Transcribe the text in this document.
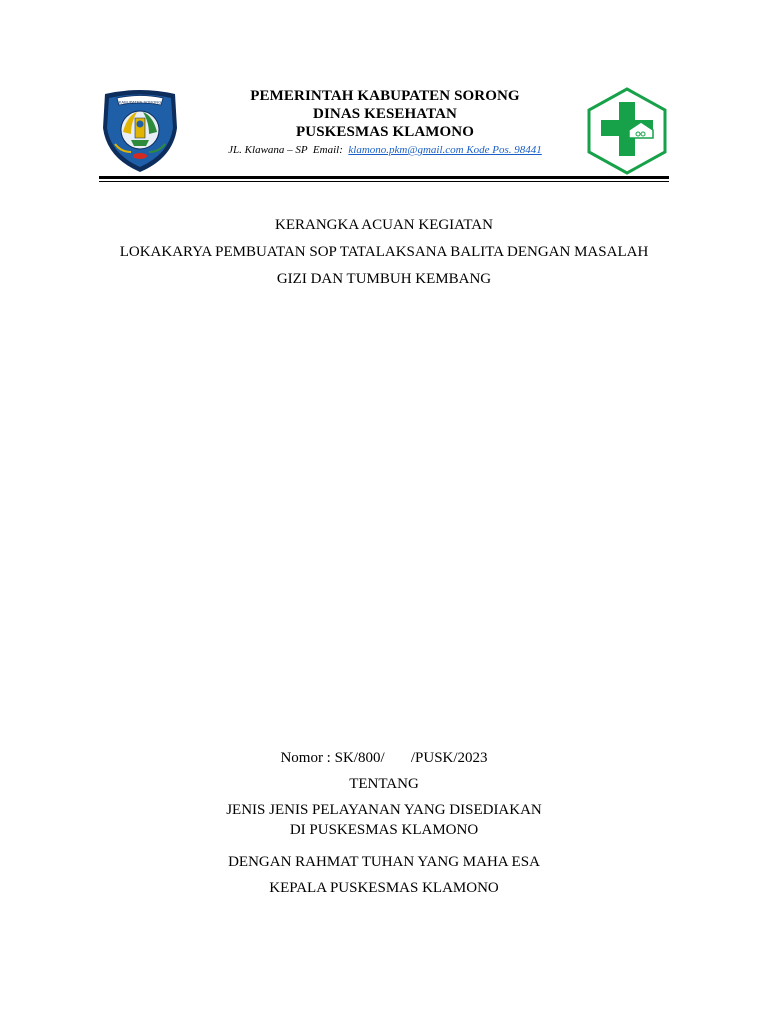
KABUPATEN SORONG	PEMERINTAH KABUPATEN SORONG
DINAS KESEHATAN
PUSKESMAS KLAMONO
JL. Klawana – SP  Email:  klamono.pkm@gmail.com Kode Pos. 98441
KERANGKA ACUAN KEGIATAN
LOKAKARYA PEMBUATAN SOP TATALAKSANA BALITA DENGAN MASALAH
GIZI DAN TUMBUH KEMBANG
Nomor : SK/800/       /PUSK/2023
TENTANG
JENIS JENIS PELAYANAN YANG DISEDIAKAN
DI PUSKESMAS KLAMONO
DENGAN RAHMAT TUHAN YANG MAHA ESA
KEPALA PUSKESMAS KLAMONO
